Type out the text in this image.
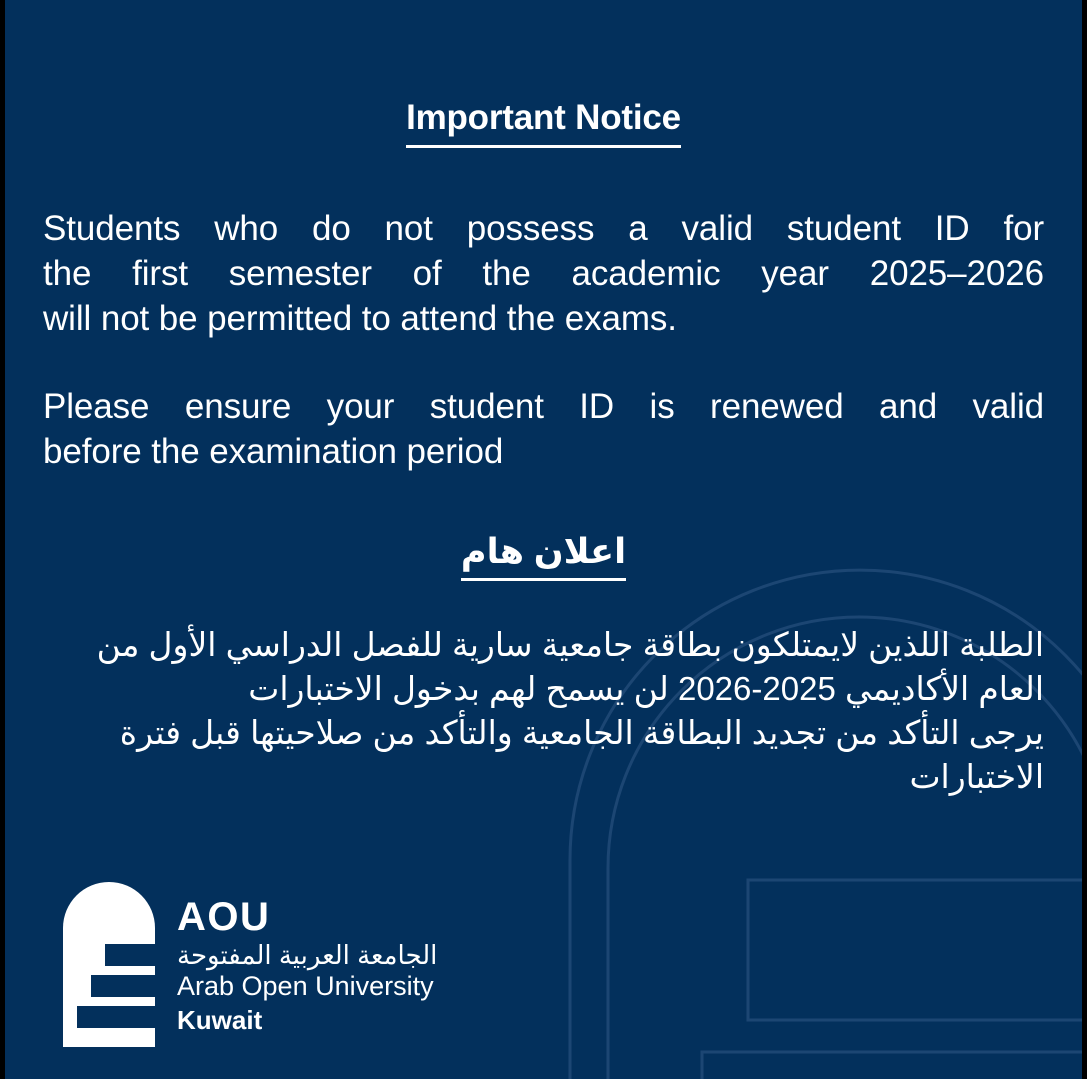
Important Notice

Students who do not possess a valid student ID for
the first semester of the academic year 2025–2026
will not be permitted to attend the exams.

Please ensure your student ID is renewed and valid
before the examination period

اعلان هام

الطلبة اللذين لايمتلكون بطاقة جامعية سارية للفصل الدراسي الأول من العام الأكاديمي 2025-2026 لن يسمح لهم بدخول الاختبارات

يرجى التأكد من تجديد البطاقة الجامعية والتأكد من صلاحيتها قبل فترة الاختبارات

AOU
الجامعة العربية المفتوحة
Arab Open University
Kuwait
